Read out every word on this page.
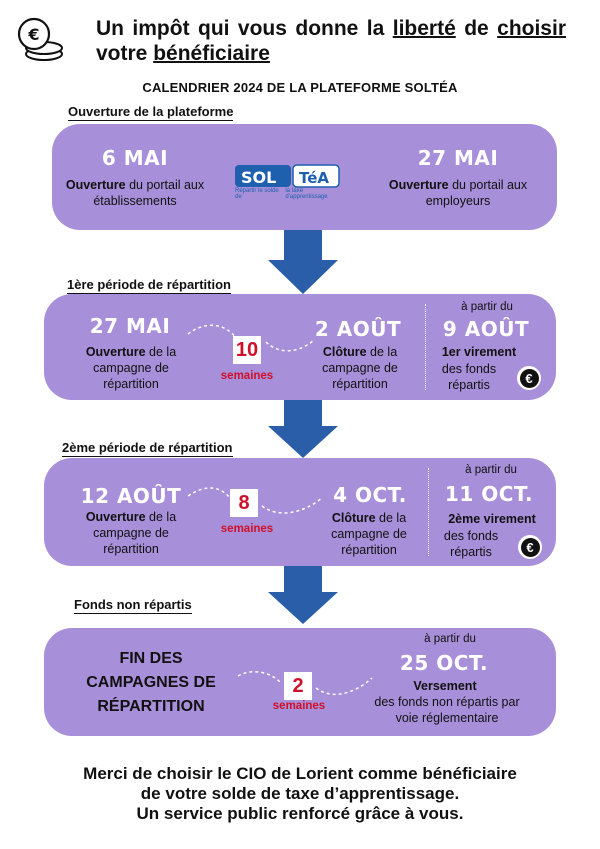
€	Un impôt qui vous donne la liberté de choisir votre bénéficiaire
CALENDRIER 2024 DE LA PLATEFORME SOLTÉA
Ouverture de la plateforme
6 MAI
Ouverture du portail aux établissements
SOL TéA
Répartir le solde de
la taxe d'apprentissage
27 MAI
Ouverture du portail aux employeurs
1ère période de répartition
27 MAI
Ouverture de la campagne de répartition
10
semaines
2 AOÛT
Clôture de la campagne de répartition
à partir du
9 AOÛT
1er virement
des fonds répartis	€
2ème période de répartition
12 AOÛT
Ouverture de la campagne de répartition
8
semaines
4 OCT.
Clôture de la campagne de répartition
à partir du
11 OCT.
2ème virement
des fonds répartis	€
Fonds non répartis
FIN DES
CAMPAGNES DE
RÉPARTITION
2
semaines
à partir du
25 OCT.
Versement
des fonds non répartis par voie réglementaire
Merci de choisir le CIO de Lorient comme bénéficiaire
de votre solde de taxe d’apprentissage.
Un service public renforcé grâce à vous.
